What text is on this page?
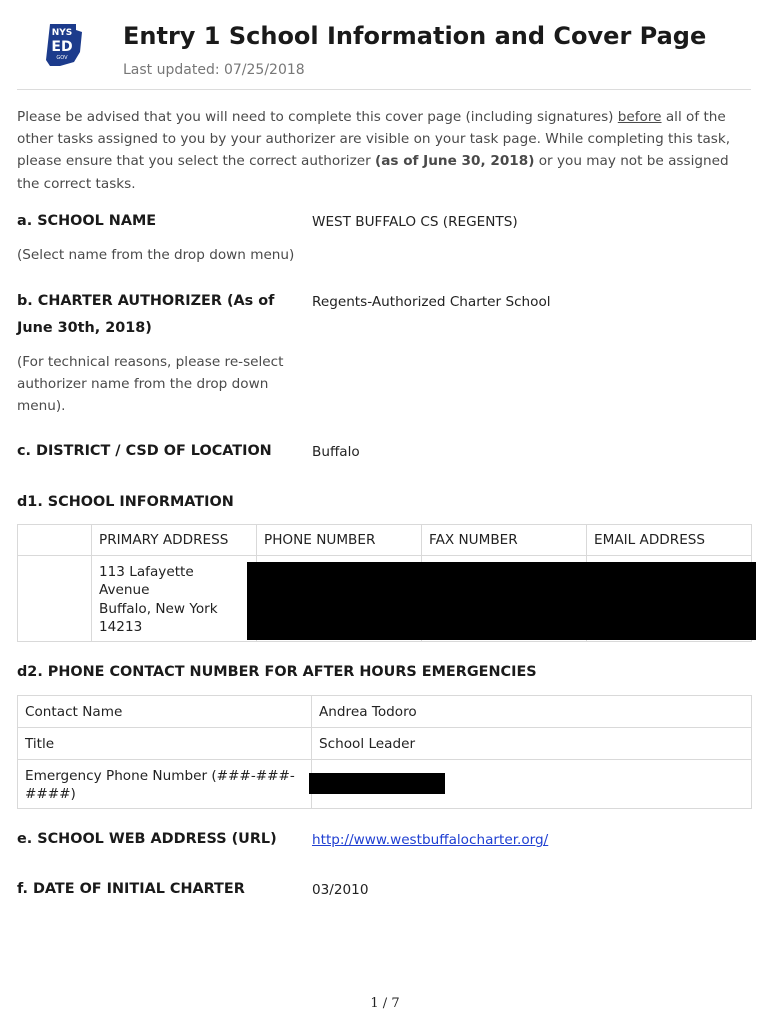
NYS
ED
GOV
Entry 1 School Information and Cover Page
Last updated: 07/25/2018

Please be advised that you will need to complete this cover page (including signatures) before all of the other tasks assigned to you by your authorizer are visible on your task page. While completing this task, please ensure that you select the correct authorizer (as of June 30, 2018) or you may not be assigned the correct tasks.

a. SCHOOL NAME	WEST BUFFALO CS (REGENTS)
(Select name from the drop down menu)
b. CHARTER AUTHORIZER (As of June 30th, 2018)
Regents-Authorized Charter School
(For technical reasons, please re-select authorizer name from the drop down menu).
c. DISTRICT / CSD OF LOCATION	Buffalo
d1. SCHOOL INFORMATION
	PRIMARY ADDRESS	PHONE NUMBER	FAX NUMBER	EMAIL ADDRESS

	113 Lafayette
Avenue
Buffalo, New York
14213			

d2. PHONE CONTACT NUMBER FOR AFTER HOURS EMERGENCIES
Contact Name	Andrea Todoro
Title	School Leader
Emergency Phone Number (###-###-####)	
e. SCHOOL WEB ADDRESS (URL)	http://www.westbuffalocharter.org/
f. DATE OF INITIAL CHARTER	03/2010
1 / 7
